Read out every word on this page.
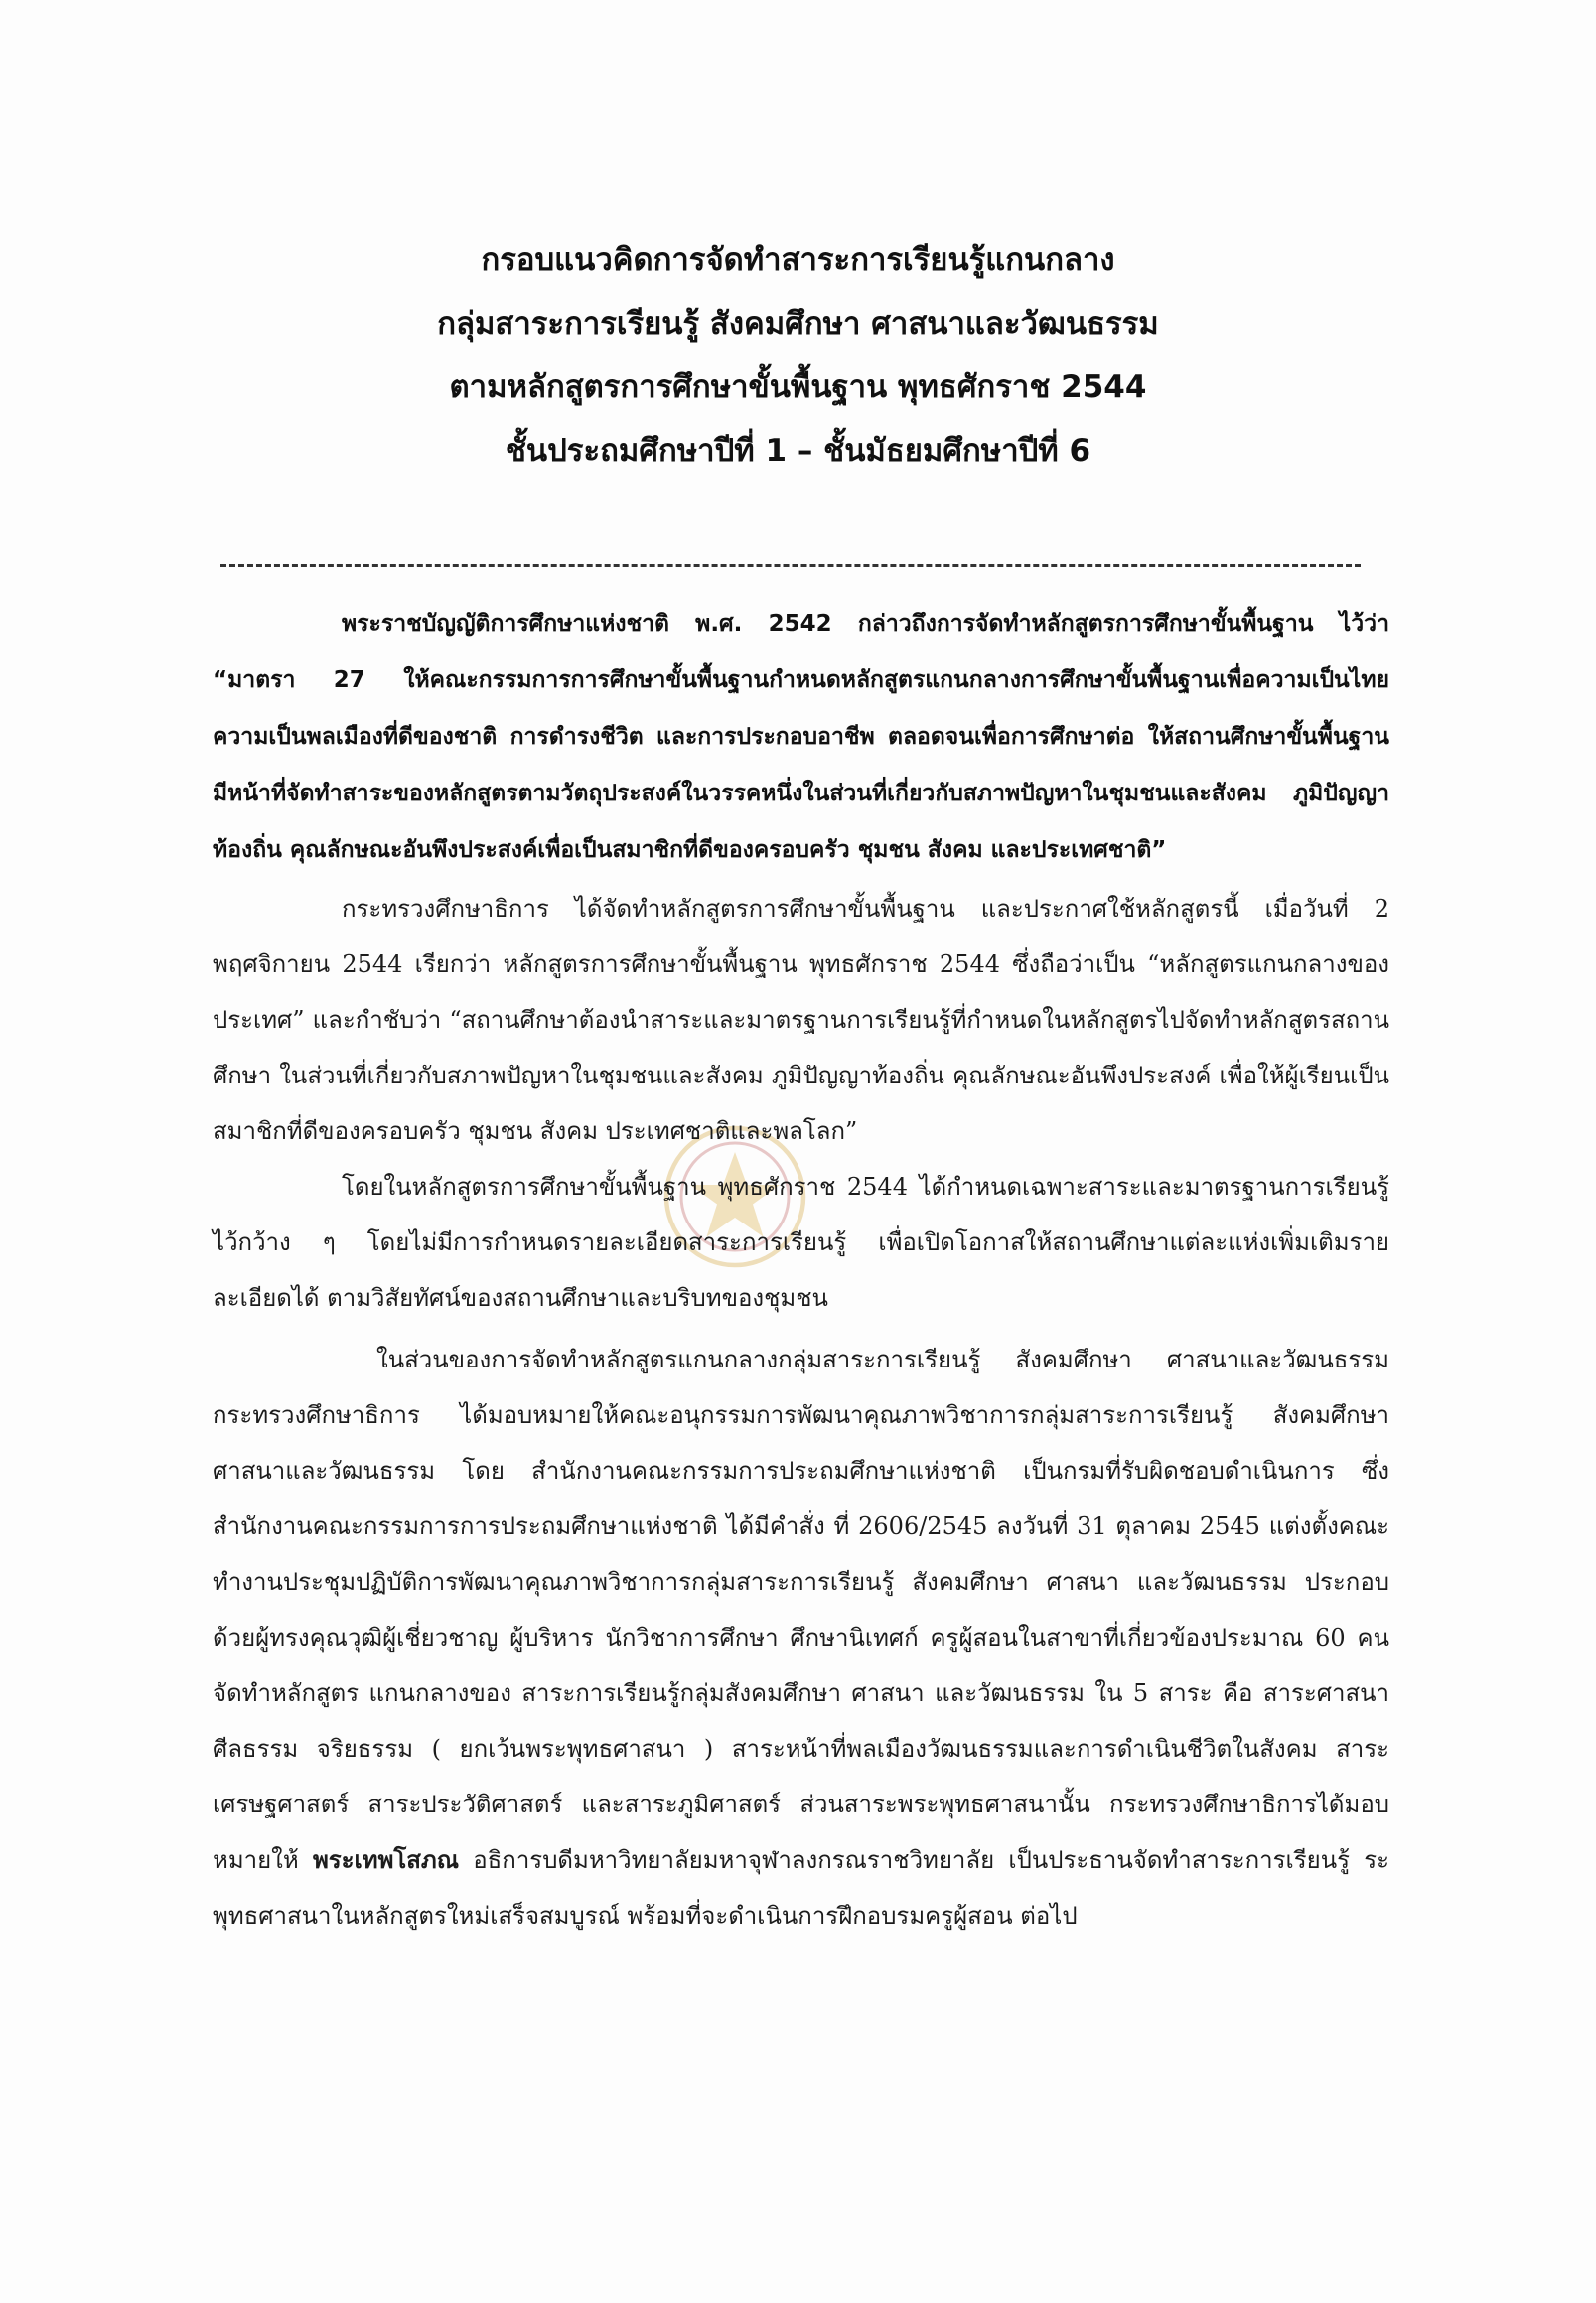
กรอบแนวคิดการจัดทำสาระการเรียนรู้แกนกลาง
กลุ่มสาระการเรียนรู้ สังคมศึกษา ศาสนาและวัฒนธรรม
ตามหลักสูตรการศึกษาขั้นพื้นฐาน พุทธศักราช 2544
ชั้นประถมศึกษาปีที่ 1 – ชั้นมัธยมศึกษาปีที่ 6

พระราชบัญญัติการศึกษาแห่งชาติ พ.ศ. 2542 กล่าวถึงการจัดทำหลักสูตรการศึกษาขั้นพื้นฐาน ไว้ว่า “มาตรา 27 ให้คณะกรรมการการศึกษาขั้นพื้นฐานกำหนดหลักสูตรแกนกลางการศึกษาขั้นพื้นฐานเพื่อความเป็นไทย ความเป็นพลเมืองที่ดีของชาติ การดำรงชีวิต และการประกอบอาชีพ ตลอดจนเพื่อการศึกษาต่อ ให้สถานศึกษาขั้นพื้นฐานมีหน้าที่จัดทำสาระของหลักสูตรตามวัตถุประสงค์ในวรรคหนึ่งในส่วนที่เกี่ยวกับสภาพปัญหาในชุมชนและสังคม ภูมิปัญญาท้องถิ่น คุณลักษณะอันพึงประสงค์เพื่อเป็นสมาชิกที่ดีของครอบครัว ชุมชน สังคม และประเทศชาติ”

กระทรวงศึกษาธิการ ได้จัดทำหลักสูตรการศึกษาขั้นพื้นฐาน และประกาศใช้หลักสูตรนี้ เมื่อวันที่ 2 พฤศจิกายน 2544 เรียกว่า หลักสูตรการศึกษาขั้นพื้นฐาน พุทธศักราช 2544 ซึ่งถือว่าเป็น “หลักสูตรแกนกลางของประเทศ” และกำชับว่า “สถานศึกษาต้องนำสาระและมาตรฐานการเรียนรู้ที่กำหนดในหลักสูตรไปจัดทำหลักสูตรสถานศึกษา ในส่วนที่เกี่ยวกับสภาพปัญหาในชุมชนและสังคม ภูมิปัญญาท้องถิ่น คุณลักษณะอันพึงประสงค์ เพื่อให้ผู้เรียนเป็นสมาชิกที่ดีของครอบครัว ชุมชน สังคม ประเทศชาติและพลโลก”

โดยในหลักสูตรการศึกษาขั้นพื้นฐาน พุทธศักราช 2544 ได้กำหนดเฉพาะสาระและมาตรฐานการเรียนรู้ไว้กว้าง ๆ โดยไม่มีการกำหนดรายละเอียดสาระการเรียนรู้ เพื่อเปิดโอกาสให้สถานศึกษาแต่ละแห่งเพิ่มเติมรายละเอียดได้ ตามวิสัยทัศน์ของสถานศึกษาและบริบทของชุมชน

ในส่วนของการจัดทำหลักสูตรแกนกลางกลุ่มสาระการเรียนรู้ สังคมศึกษา ศาสนาและวัฒนธรรม กระทรวงศึกษาธิการ ได้มอบหมายให้คณะอนุกรรมการพัฒนาคุณภาพวิชาการกลุ่มสาระการเรียนรู้ สังคมศึกษา ศาสนาและวัฒนธรรม โดย สำนักงานคณะกรรมการประถมศึกษาแห่งชาติ เป็นกรมที่รับผิดชอบดำเนินการ ซึ่งสำนักงานคณะกรรมการการประถมศึกษาแห่งชาติ ได้มีคำสั่ง ที่ 2606/2545 ลงวันที่ 31 ตุลาคม 2545 แต่งตั้งคณะทำงานประชุมปฏิบัติการพัฒนาคุณภาพวิชาการกลุ่มสาระการเรียนรู้ สังคมศึกษา ศาสนา และวัฒนธรรม ประกอบด้วยผู้ทรงคุณวุฒิผู้เชี่ยวชาญ ผู้บริหาร นักวิชาการศึกษา ศึกษานิเทศก์ ครูผู้สอนในสาขาที่เกี่ยวข้องประมาณ 60 คน จัดทำหลักสูตร แกนกลางของ สาระการเรียนรู้กลุ่มสังคมศึกษา ศาสนา และวัฒนธรรม ใน 5 สาระ คือ สาระศาสนา ศีลธรรม จริยธรรม ( ยกเว้นพระพุทธศาสนา ) สาระหน้าที่พลเมืองวัฒนธรรมและการดำเนินชีวิตในสังคม สาระเศรษฐศาสตร์ สาระประวัติศาสตร์ และสาระภูมิศาสตร์ ส่วนสาระพระพุทธศาสนานั้น กระทรวงศึกษาธิการได้มอบหมายให้ พระเทพโสภณ อธิการบดีมหาวิทยาลัยมหาจุฬาลงกรณราชวิทยาลัย เป็นประธานจัดทำสาระการเรียนรู้ ระพุทธศาสนาในหลักสูตรใหม่เสร็จสมบูรณ์ พร้อมที่จะดำเนินการฝึกอบรมครูผู้สอน ต่อไป
